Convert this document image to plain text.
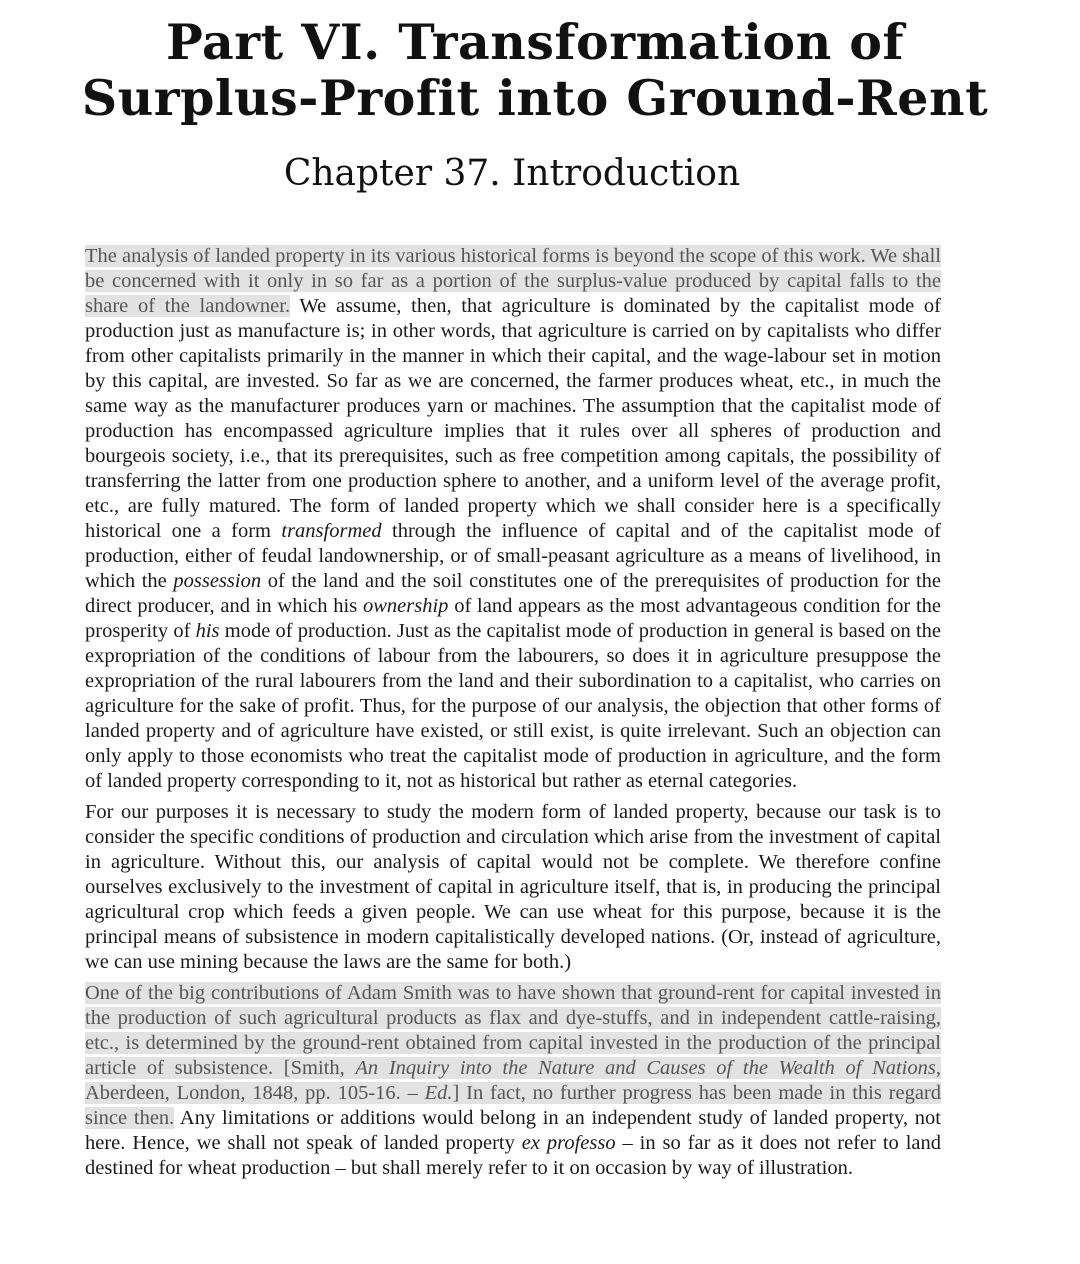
Part VI. Transformation of
Surplus-Profit into Ground-Rent
Chapter 37. Introduction

The analysis of landed property in its various historical forms is beyond the scope of this work. We shall be concerned with it only in so far as a portion of the surplus-value produced by capital falls to the share of the landowner. We assume, then, that agriculture is dominated by the capitalist mode of production just as manufacture is; in other words, that agriculture is carried on by capitalists who differ from other capitalists primarily in the manner in which their capital, and the wage-labour set in motion by this capital, are invested. So far as we are concerned, the farmer produces wheat, etc., in much the same way as the manufacturer produces yarn or machines. The assumption that the capitalist mode of production has encompassed agriculture implies that it rules over all spheres of production and bourgeois society, i.e., that its prerequisites, such as free competition among capitals, the possibility of transferring the latter from one production sphere to another, and a uniform level of the average profit, etc., are fully matured. The form of landed property which we shall consider here is a specifically historical one a form transformed through the influence of capital and of the capitalist mode of production, either of feudal landownership, or of small-peasant agriculture as a means of livelihood, in which the possession of the land and the soil constitutes one of the prerequisites of production for the direct producer, and in which his ownership of land appears as the most advantageous condition for the prosperity of his mode of production. Just as the capitalist mode of production in general is based on the expropriation of the conditions of labour from the labourers, so does it in agriculture presuppose the expropriation of the rural labourers from the land and their subordination to a capitalist, who carries on agriculture for the sake of profit. Thus, for the purpose of our analysis, the objection that other forms of landed property and of agriculture have existed, or still exist, is quite irrelevant. Such an objection can only apply to those economists who treat the capitalist mode of production in agriculture, and the form of landed property corresponding to it, not as historical but rather as eternal categories.

For our purposes it is necessary to study the modern form of landed property, because our task is to consider the specific conditions of production and circulation which arise from the investment of capital in agriculture. Without this, our analysis of capital would not be complete. We therefore confine ourselves exclusively to the investment of capital in agriculture itself, that is, in producing the principal agricultural crop which feeds a given people. We can use wheat for this purpose, because it is the principal means of subsistence in modern capitalistically developed nations. (Or, instead of agriculture, we can use mining because the laws are the same for both.)

One of the big contributions of Adam Smith was to have shown that ground-rent for capital invested in the production of such agricultural products as flax and dye-stuffs, and in independent cattle-raising, etc., is determined by the ground-rent obtained from capital invested in the production of the principal article of subsistence. [Smith, An Inquiry into the Nature and Causes of the Wealth of Nations, Aberdeen, London, 1848, pp. 105-16. – Ed.] In fact, no further progress has been made in this regard since then. Any limitations or additions would belong in an independent study of landed property, not here. Hence, we shall not speak of landed property ex professo – in so far as it does not refer to land destined for wheat production – but shall merely refer to it on occasion by way of illustration.
